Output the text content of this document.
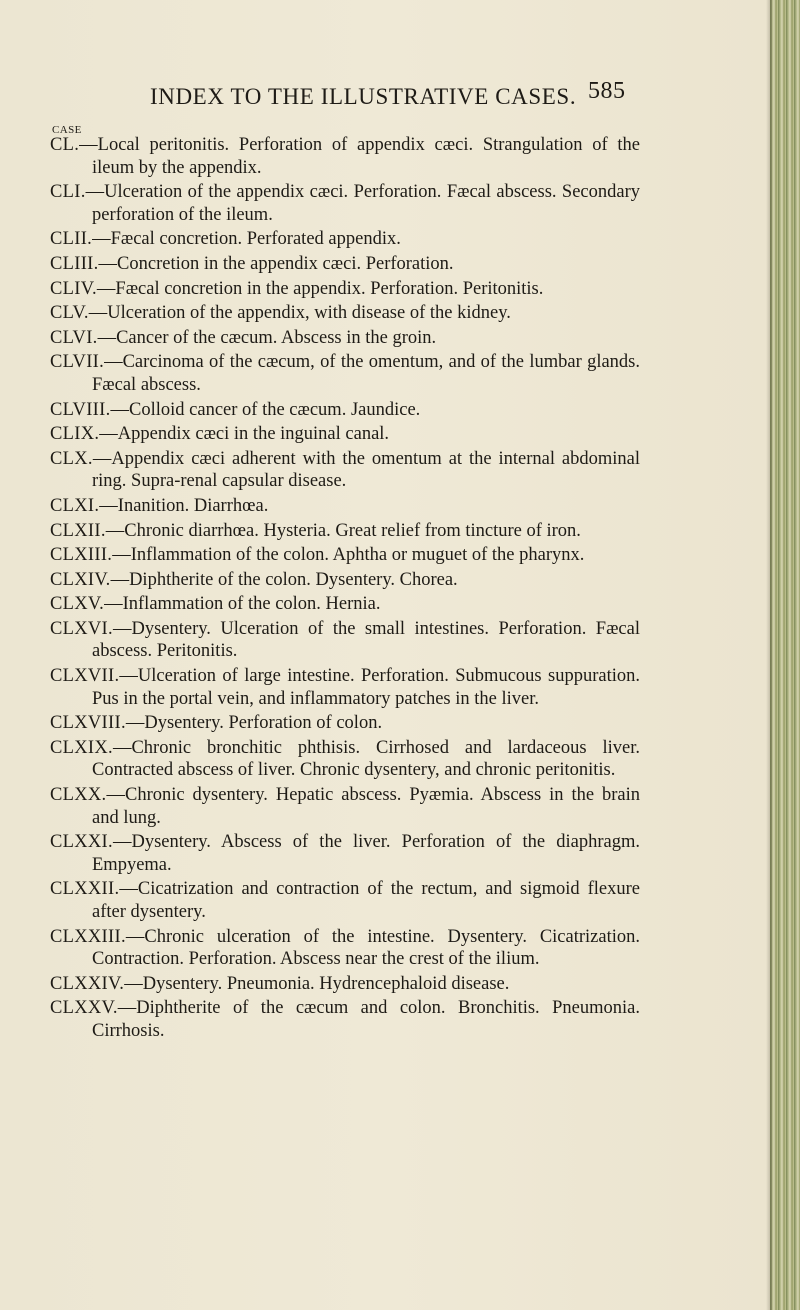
INDEX TO THE ILLUSTRATIVE CASES. 585
CASE

CL.—Local peritonitis. Perforation of appendix cæci. Strangulation of the ileum by the appendix.

CLI.—Ulceration of the appendix cæci. Perforation. Fæcal abscess. Secondary perforation of the ileum.

CLII.—Fæcal concretion. Perforated appendix.

CLIII.—Concretion in the appendix cæci. Perforation.

CLIV.—Fæcal concretion in the appendix. Perforation. Peritonitis.

CLV.—Ulceration of the appendix, with disease of the kidney.

CLVI.—Cancer of the cæcum. Abscess in the groin.

CLVII.—Carcinoma of the cæcum, of the omentum, and of the lumbar glands. Fæcal abscess.

CLVIII.—Colloid cancer of the cæcum. Jaundice.

CLIX.—Appendix cæci in the inguinal canal.

CLX.—Appendix cæci adherent with the omentum at the internal abdominal ring. Supra-renal capsular disease.

CLXI.—Inanition. Diarrhœa.

CLXII.—Chronic diarrhœa. Hysteria. Great relief from tincture of iron.

CLXIII.—Inflammation of the colon. Aphtha or muguet of the pharynx.

CLXIV.—Diphtherite of the colon. Dysentery. Chorea.

CLXV.—Inflammation of the colon. Hernia.

CLXVI.—Dysentery. Ulceration of the small intestines. Perforation. Fæcal abscess. Peritonitis.

CLXVII.—Ulceration of large intestine. Perforation. Submucous suppuration. Pus in the portal vein, and inflammatory patches in the liver.

CLXVIII.—Dysentery. Perforation of colon.

CLXIX.—Chronic bronchitic phthisis. Cirrhosed and lardaceous liver. Contracted abscess of liver. Chronic dysentery, and chronic peritonitis.

CLXX.—Chronic dysentery. Hepatic abscess. Pyæmia. Abscess in the brain and lung.

CLXXI.—Dysentery. Abscess of the liver. Perforation of the diaphragm. Empyema.

CLXXII.—Cicatrization and contraction of the rectum, and sigmoid flexure after dysentery.

CLXXIII.—Chronic ulceration of the intestine. Dysentery. Cicatrization. Contraction. Perforation. Abscess near the crest of the ilium.

CLXXIV.—Dysentery. Pneumonia. Hydrencephaloid disease.

CLXXV.—Diphtherite of the cæcum and colon. Bronchitis. Pneumonia. Cirrhosis.
